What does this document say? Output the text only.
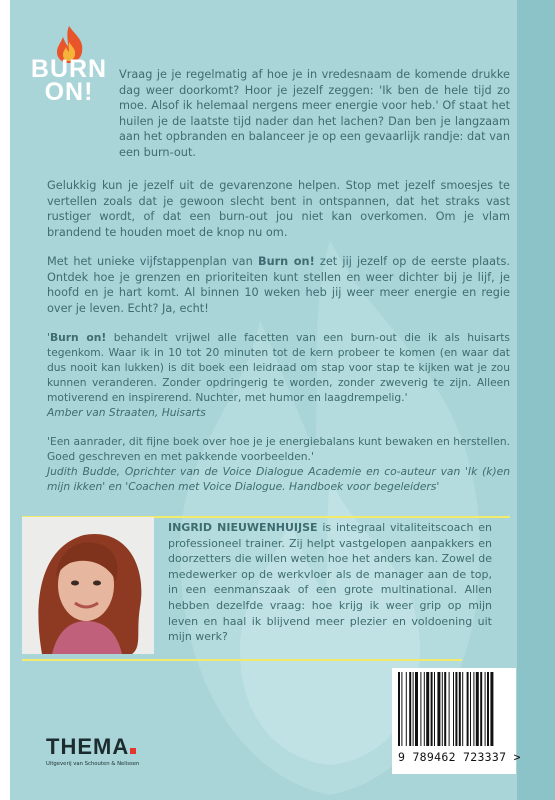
BURN
ON!

Vraag je je regelmatig af hoe je in vredesnaam de komende drukke dag weer doorkomt? Hoor je jezelf zeggen: 'Ik ben de hele tijd zo moe. Alsof ik helemaal nergens meer energie voor heb.' Of staat het huilen je de laatste tijd nader dan het lachen? Dan ben je langzaam aan het opbranden en balanceer je op een gevaarlijk randje: dat van een burn-out.

Gelukkig kun je jezelf uit de gevarenzone helpen. Stop met jezelf smoesjes te vertellen zoals dat je gewoon slecht bent in ontspannen, dat het straks vast rustiger wordt, of dat een burn-out jou niet kan overkomen. Om je vlam brandend te houden moet de knop nu om.

Met het unieke vijfstappenplan van Burn on! zet jij jezelf op de eerste plaats. Ontdek hoe je grenzen en prioriteiten kunt stellen en weer dichter bij je lijf, je hoofd en je hart komt. Al binnen 10 weken heb jij weer meer energie en regie over je leven. Echt? Ja, echt!

'Burn on! behandelt vrijwel alle facetten van een burn-out die ik als huisarts tegenkom. Waar ik in 10 tot 20 minuten tot de kern probeer te komen (en waar dat dus nooit kan lukken) is dit boek een leidraad om stap voor stap te kijken wat je zou kunnen veranderen. Zonder opdringerig te worden, zonder zweverig te zijn. Alleen motiverend en inspirerend. Nuchter, met humor en laagdrempelig.'
Amber van Straaten, Huisarts

'Een aanrader, dit fijne boek over hoe je je energiebalans kunt bewaken en herstellen. Goed geschreven en met pakkende voorbeelden.'
Judith Budde, Oprichter van de Voice Dialogue Academie en co-auteur van 'Ik (k)en mijn ikken' en 'Coachen met Voice Dialogue. Handboek voor begeleiders'

INGRID NIEUWENHUIJSE is integraal vitaliteitscoach en professioneel trainer. Zij helpt vastgelopen aanpakkers en doorzetters die willen weten hoe het anders kan. Zowel de medewerker op de werkvloer als de manager aan de top, in een eenmanszaak of een grote multinational. Allen hebben dezelfde vraag: hoe krijg ik weer grip op mijn leven en haal ik blijvend meer plezier en voldoening uit mijn werk?
THEMA
Uitgeverij van Schouten & Nelissen	9 789462 723337 >
